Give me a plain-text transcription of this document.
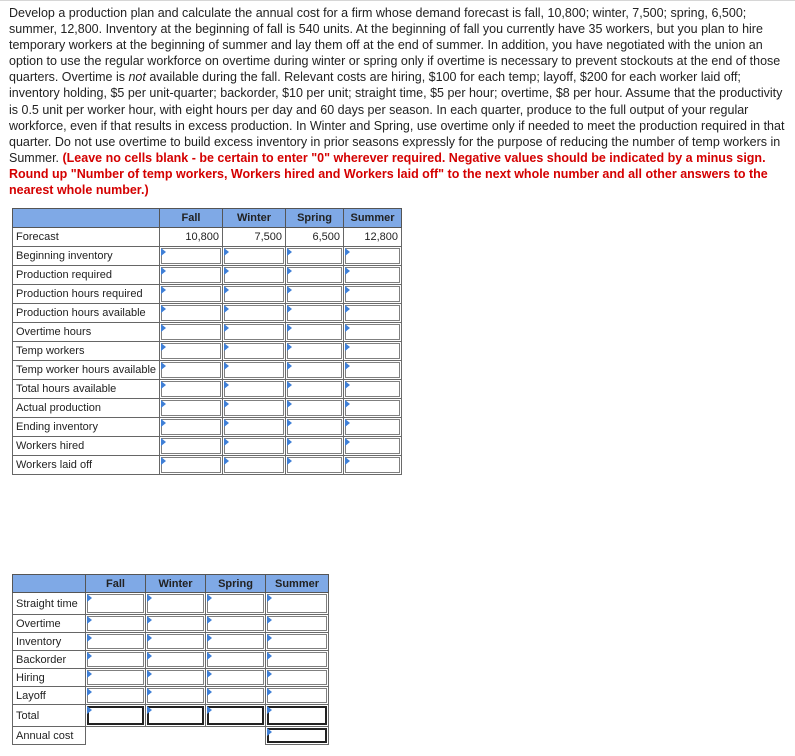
Develop a production plan and calculate the annual cost for a firm whose demand forecast is fall, 10,800; winter, 7,500; spring, 6,500; summer, 12,800. Inventory at the beginning of fall is 540 units. At the beginning of fall you currently have 35 workers, but you plan to hire temporary workers at the beginning of summer and lay them off at the end of summer. In addition, you have negotiated with the union an option to use the regular workforce on overtime during winter or spring only if overtime is necessary to prevent stockouts at the end of those quarters. Overtime is not available during the fall. Relevant costs are hiring, $100 for each temp; layoff, $200 for each worker laid off; inventory holding, $5 per unit-quarter; backorder, $10 per unit; straight time, $5 per hour; overtime, $8 per hour. Assume that the productivity is 0.5 unit per worker hour, with eight hours per day and 60 days per season. In each quarter, produce to the full output of your regular workforce, even if that results in excess production. In Winter and Spring, use overtime only if needed to meet the production required in that quarter. Do not use overtime to build excess inventory in prior seasons expressly for the purpose of reducing the number of temp workers in Summer. (Leave no cells blank - be certain to enter "0" wherever required. Negative values should be indicated by a minus sign. Round up "Number of temp workers, Workers hired and Workers laid off" to the next whole number and all other answers to the nearest whole number.)
	Fall	Winter	Spring	Summer
Forecast	10,800	7,500	6,500	12,800
Beginning inventory	

Production required	

Production hours required	

Production hours available	

Overtime hours	

Temp workers	

Temp worker hours available	

Total hours available	

Actual production	

Ending inventory	

Workers hired	

Workers laid off	

	Fall	Winter	Spring	Summer
Straight time	

Overtime	

Inventory	

Backorder	

Hiring	

Layoff	

Total	

Annual cost				
